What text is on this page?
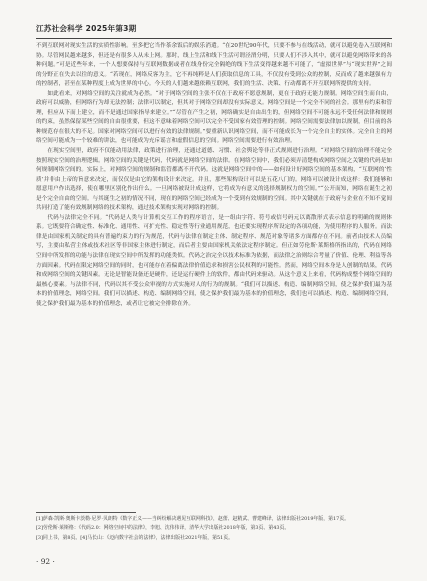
江苏社会科学 2025年第3期

不到互联网对现实生活的实质性影响。至多把它当作茶余饭后的娱乐消遣。“在20世纪90年代，只要不参与在线活动，就可以避免卷入互联网和协。尽管网民越来越多，但还是有很多人从未上网。那时，线上生活和线下生活可谓泾渭分明，只要人们不涉入其中，就可以避免网络带来的各种问题。”可是近些年来，一个人想要保持与互联网数据或者在线身份完全隔绝的线下生活变得越来越不可能了，“虚拟世界”与“现实世界”之间的分野正在失去以往的意义。“若现在，网络反客为主，它不再纯粹是人们获取信息的工具，不仅没有受到公众的控制，反而成了越来越强有力的控制者，甚至在某种程度上成为世界的中心。今天的人们越来越依赖互联网，我们的生活、决策、行动都离不开互联网所提供的支持。

如此看来，对网络空间的关注就成为必然。“对于网络空间的主张不仅在于政府不愿意规制，更在于政府无能力规制。网络空间生而自由，政府可以威胁，但网络行为却无法控制；法律可以制定，但其对于网络空间却没有实际意义。网络空间是一个完全不同的社会。那里有约束和管理，但应从下而上建立，而不是通过国家指导来建立。”“尽管在产生之初，网络确实是自由出生的，但网络空间不可能永远不受任何法律和规则的约束，虽然保留某些空间的自由很重要，但这不意味着网络空间可以完全不受国家有效管理的控制。网络空间需要法律加以规制，但目前的各种规范存在很大的不足。国家对网络空间可以进行有效的法律规制。”要重新认识网络空间，而不可能成长为一个完全自主的实体。完全自主的网络空间可能成为一个较难的讲法，也可能成为充斥谣言和虚假信息的空间。网络空间需要进行有效治理。

在现实空间里，政府不仅能动用法律，政策进行治理，还通过道德、习惯、社会舆论等非正式规则进行治理。“对网络空间的治理不能完全按照现实空间的治理逻辑。网络空间的关键是代码，代码就是网络空间的法律。在网络空间中，我们必须弄清楚构成网络空间之关键的代码是如何规制网络空间的。实际上，对网络空间的规制和监管都离不开代码。这就是网络空间中的——如何设计好网络空间的基本架构，“互联网的‘性质’并非由上帝的旨意来决定，而仅仅是由它的架构设计来决定。并且，那些架构设计可以是五花八门的。网络可以被设计成这样：我们能够和愿意用户作出选择，使在哪里区别化作出什么。一旦网络被设计成这样，它将成为有意义的选择规制权力的空间。”“公开而知，网络在诞生之初是个完全自由的空间。与其诞生之初的情况不同，现在的网络空间已经成为一个受到有效规制的空间。其中关键就在于政府与企业在不知不觉间共同打造了能有效规制网络的技术架构，通过技术架构实现对网络的控制。

代码与法律完全不同。“代码是人类与计算机交互工作的程序语言，是一组由字符、符号或信号码元以离散形式表示信息的明确的规则体系。它既要符合确定性、标准化、通用性、可扩充性、稳定性等行业通用规范，也还要实现程序所设定的各项功能，为使用程序的人服务。而法律是由国家机关制定的具有普遍约束力的行为规范，代码与法律在制定主体、制定程序、规范对象等诸多方面都存在不同。前者由技术人员编写，主要由私营主体或技术社区等非国家主体进行制定，而后者主要由国家机关依法定程序制定。但正如劳伦斯·莱斯格所指出的，代码在网络空间中所发挥的功能与法律在现实空间中所发挥的功能类似。代码之治完全以技术标准为依据，而法律之治则综合考量了价值、伦理、利益等各方面因素。代码在限定网络空间的同时，也可能存在着偏离法律价值追求和损害公民权利的可能性。然而，网络空间本身是人创制的结果，代码和成网络空间的关键因素。无论是智能设备还是硬件，还是运行硬件上的软件，都由代码来驱动。从这个意义上来看，代码构成整个网络空间的最核心要素。与法律不同，代码以其不受公众审视的方式实施对人的行为的规制。“我们可以描述、构造、编制网络空间，使之保护我们最为基本的价值理念，网络空间。我们可以描述、构造、编制网络空间，使之保护我们最为基本的价值理念，我们也可以描述、构造、编制网络空间，使之保护我们最为基本的价值理念，或者让它被完全排除在外。

[1]萨森·凯斯·奥斯卡茨勒·尼罗·贝朗特《数字正义——当纠纷解决遇见互联网科技》，赵蕾、赵精武、曹建峰译，法律出版社2019年版，第17页。
[2]劳伦斯·莱斯格：《代码2.0：网络空间中的法律》，李旭、沈伟伟译，清华大学出版社2018年版，第3页、第43页。
[3]同上书，第8页。[4]马长山：《迈向数字社会的法律》，法律出版社2021年版，第51页。
· 92 ·
